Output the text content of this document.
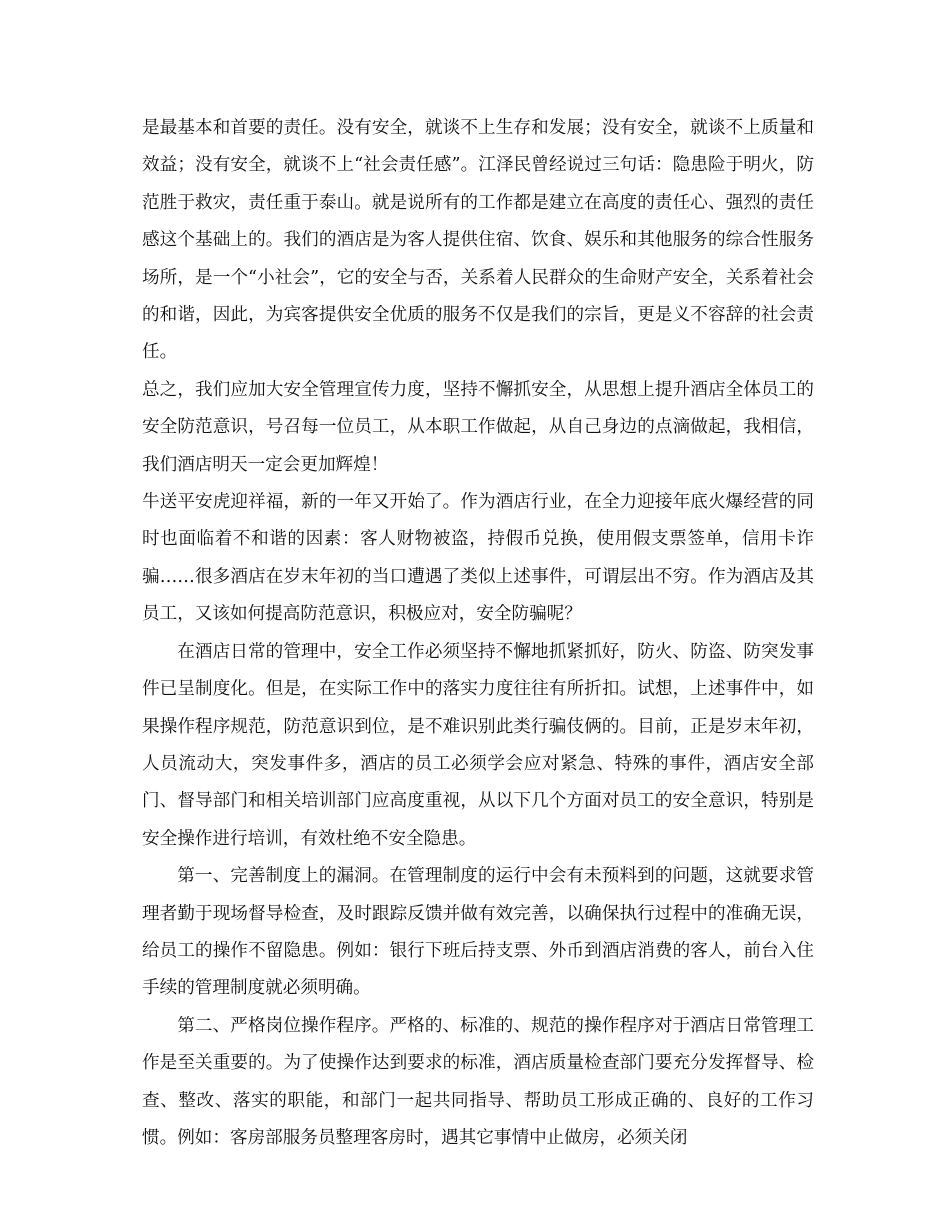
是最基本和首要的责任。没有安全，就谈不上生存和发展；没有安全，就谈不上质量和效益；没有安全，就谈不上“社会责任感”。江泽民曾经说过三句话：隐患险于明火，防范胜于救灾，责任重于泰山。就是说所有的工作都是建立在高度的责任心、强烈的责任感这个基础上的。我们的酒店是为客人提供住宿、饮食、娱乐和其他服务的综合性服务场所，是一个“小社会”，它的安全与否，关系着人民群众的生命财产安全，关系着社会的和谐，因此，为宾客提供安全优质的服务不仅是我们的宗旨，更是义不容辞的社会责任。

总之，我们应加大安全管理宣传力度，坚持不懈抓安全，从思想上提升酒店全体员工的安全防范意识，号召每一位员工，从本职工作做起，从自己身边的点滴做起，我相信，我们酒店明天一定会更加辉煌！

牛送平安虎迎祥福，新的一年又开始了。作为酒店行业，在全力迎接年底火爆经营的同时也面临着不和谐的因素：客人财物被盗，持假币兑换，使用假支票签单，信用卡诈骗……很多酒店在岁末年初的当口遭遇了类似上述事件，可谓层出不穷。作为酒店及其员工，又该如何提高防范意识，积极应对，安全防骗呢？

在酒店日常的管理中，安全工作必须坚持不懈地抓紧抓好，防火、防盗、防突发事件已呈制度化。但是，在实际工作中的落实力度往往有所折扣。试想，上述事件中，如果操作程序规范，防范意识到位，是不难识别此类行骗伎俩的。目前，正是岁末年初，人员流动大，突发事件多，酒店的员工必须学会应对紧急、特殊的事件，酒店安全部门、督导部门和相关培训部门应高度重视，从以下几个方面对员工的安全意识，特别是安全操作进行培训，有效杜绝不安全隐患。

第一、完善制度上的漏洞。在管理制度的运行中会有未预料到的问题，这就要求管理者勤于现场督导检查，及时跟踪反馈并做有效完善，以确保执行过程中的准确无误，给员工的操作不留隐患。例如：银行下班后持支票、外币到酒店消费的客人，前台入住手续的管理制度就必须明确。

第二、严格岗位操作程序。严格的、标准的、规范的操作程序对于酒店日常管理工作是至关重要的。为了使操作达到要求的标准，酒店质量检查部门要充分发挥督导、检查、整改、落实的职能，和部门一起共同指导、帮助员工形成正确的、良好的工作习惯。例如：客房部服务员整理客房时，遇其它事情中止做房，必须关闭
